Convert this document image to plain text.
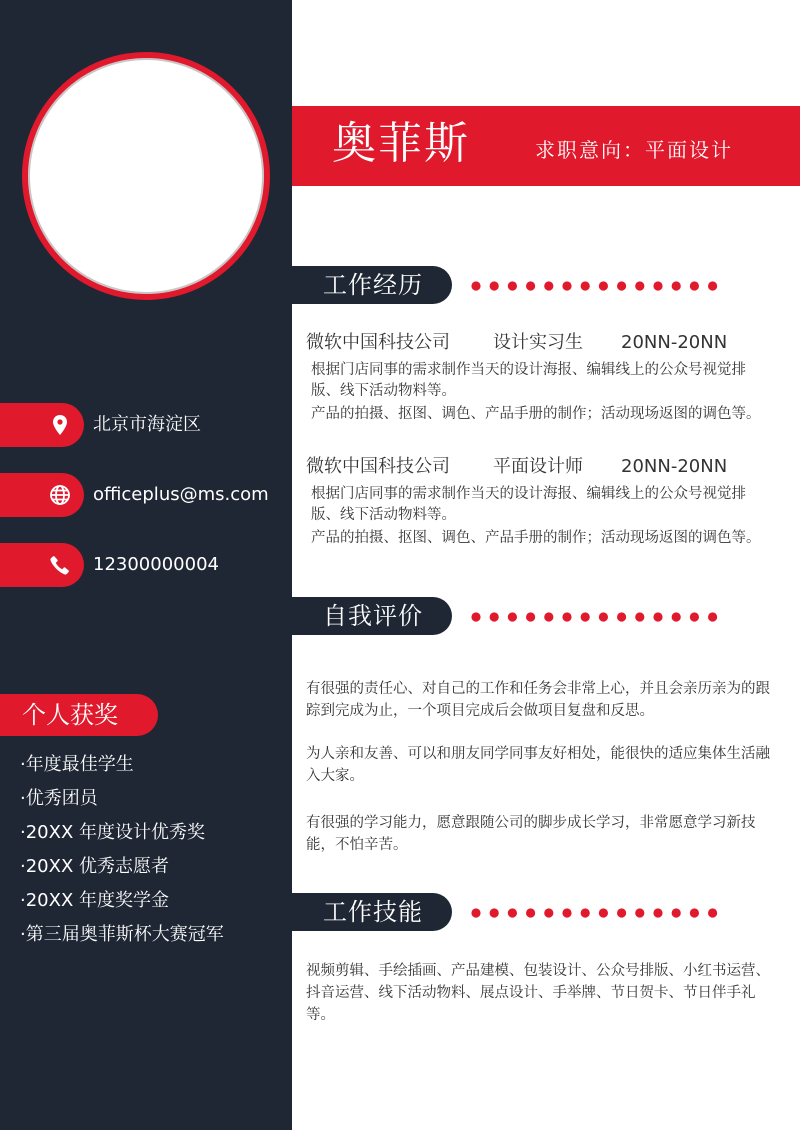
北京市海淀区
officeplus@ms.com
12300000004
个人获奖
·年度最佳学生
·优秀团员
·20XX 年度设计优秀奖
·20XX 优秀志愿者
·20XX 年度奖学金
·第三届奥菲斯杯大赛冠军
奥菲斯	求职意向：平面设计
工作经历
微软中国科技公司 设计实习生 20NN-20NN
根据门店同事的需求制作当天的设计海报、编辑线上的公众号视觉排版、线下活动物料等。
产品的拍摄、抠图、调色、产品手册的制作；活动现场返图的调色等。
微软中国科技公司 平面设计师 20NN-20NN
根据门店同事的需求制作当天的设计海报、编辑线上的公众号视觉排版、线下活动物料等。
产品的拍摄、抠图、调色、产品手册的制作；活动现场返图的调色等。
自我评价
有很强的责任心、对自己的工作和任务会非常上心，并且会亲历亲为的跟踪到完成为止，一个项目完成后会做项目复盘和反思。
为人亲和友善、可以和朋友同学同事友好相处，能很快的适应集体生活融入大家。
有很强的学习能力，愿意跟随公司的脚步成长学习，非常愿意学习新技能，不怕辛苦。
工作技能
视频剪辑、手绘插画、产品建模、包装设计、公众号排版、小红书运营、抖音运营、线下活动物料、展点设计、手举牌、节日贺卡、节日伴手礼等。
